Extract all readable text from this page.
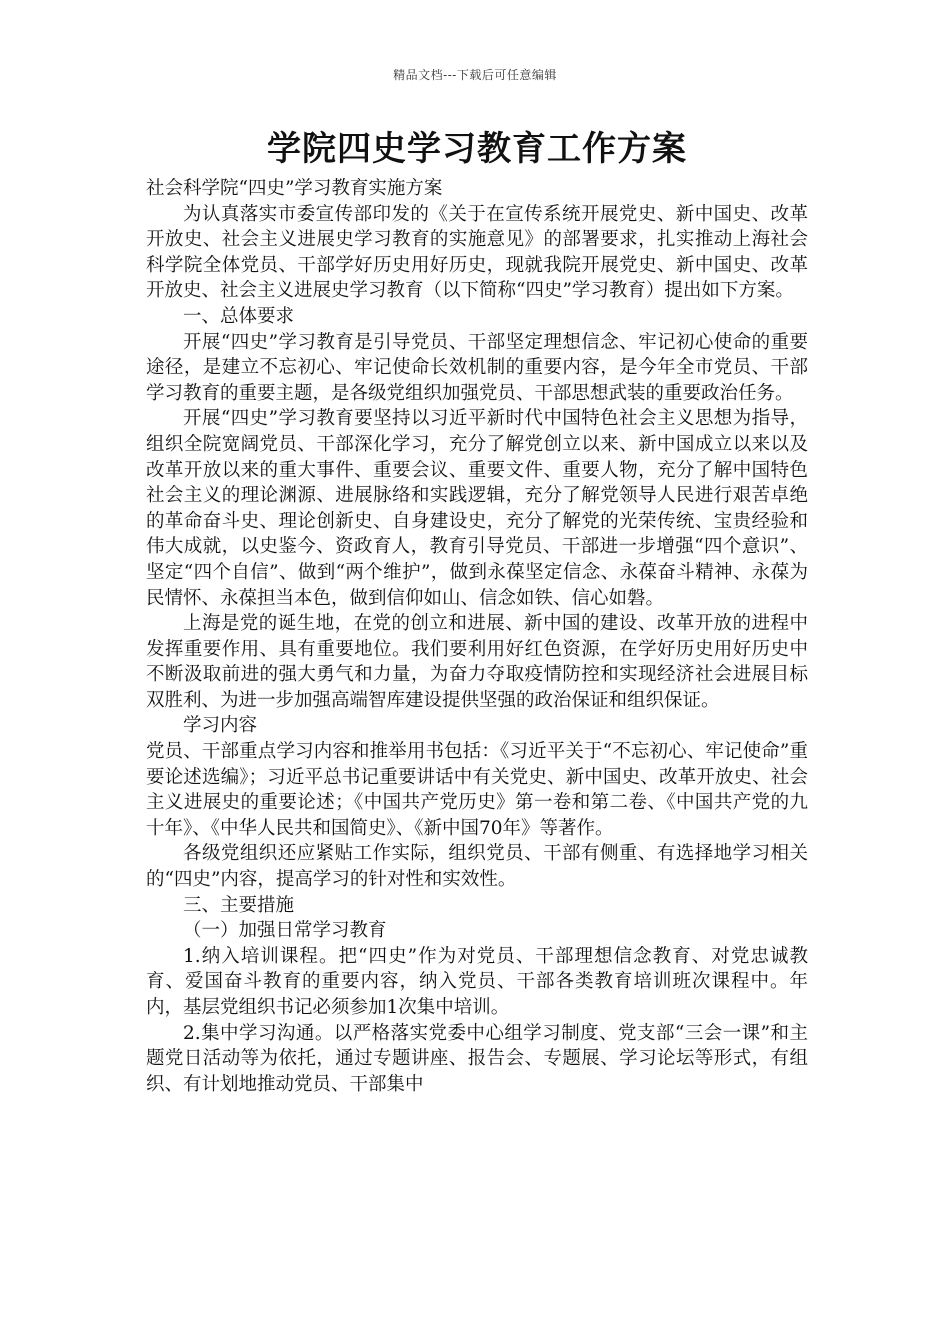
精品文档---下载后可任意编辑
学院四史学习教育工作方案

社会科学院“四史”学习教育实施方案

为认真落实市委宣传部印发的《关于在宣传系统开展党史、新中国史、改革开放史、社会主义进展史学习教育的实施意见》的部署要求，扎实推动上海社会科学院全体党员、干部学好历史用好历史，现就我院开展党史、新中国史、改革开放史、社会主义进展史学习教育（以下简称“四史”学习教育）提出如下方案。

一、总体要求

开展“四史”学习教育是引导党员、干部坚定理想信念、牢记初心使命的重要途径，是建立不忘初心、牢记使命长效机制的重要内容，是今年全市党员、干部学习教育的重要主题，是各级党组织加强党员、干部思想武装的重要政治任务。

开展“四史”学习教育要坚持以习近平新时代中国特色社会主义思想为指导，组织全院宽阔党员、干部深化学习，充分了解党创立以来、新中国成立以来以及改革开放以来的重大事件、重要会议、重要文件、重要人物，充分了解中国特色社会主义的理论渊源、进展脉络和实践逻辑，充分了解党领导人民进行艰苦卓绝的革命奋斗史、理论创新史、自身建设史，充分了解党的光荣传统、宝贵经验和伟大成就，以史鉴今、资政育人，教育引导党员、干部进一步增强“四个意识”、坚定“四个自信”、做到“两个维护”，做到永葆坚定信念、永葆奋斗精神、永葆为民情怀、永葆担当本色，做到信仰如山、信念如铁、信心如磐。

上海是党的诞生地，在党的创立和进展、新中国的建设、改革开放的进程中发挥重要作用、具有重要地位。我们要利用好红色资源，在学好历史用好历史中不断汲取前进的强大勇气和力量，为奋力夺取疫情防控和实现经济社会进展目标双胜利、为进一步加强高端智库建设提供坚强的政治保证和组织保证。

学习内容

党员、干部重点学习内容和推举用书包括：《习近平关于“不忘初心、牢记使命”重要论述选编》；习近平总书记重要讲话中有关党史、新中国史、改革开放史、社会主义进展史的重要论述；《中国共产党历史》第一卷和第二卷、《中国共产党的九十年》、《中华人民共和国简史》、《新中国70年》等著作。

各级党组织还应紧贴工作实际，组织党员、干部有侧重、有选择地学习相关的“四史”内容，提高学习的针对性和实效性。

三、主要措施

（一）加强日常学习教育

1.纳入培训课程。把“四史”作为对党员、干部理想信念教育、对党忠诚教育、爱国奋斗教育的重要内容，纳入党员、干部各类教育培训班次课程中。年内，基层党组织书记必须参加1次集中培训。

2.集中学习沟通。以严格落实党委中心组学习制度、党支部“三会一课”和主题党日活动等为依托，通过专题讲座、报告会、专题展、学习论坛等形式，有组织、有计划地推动党员、干部集中
